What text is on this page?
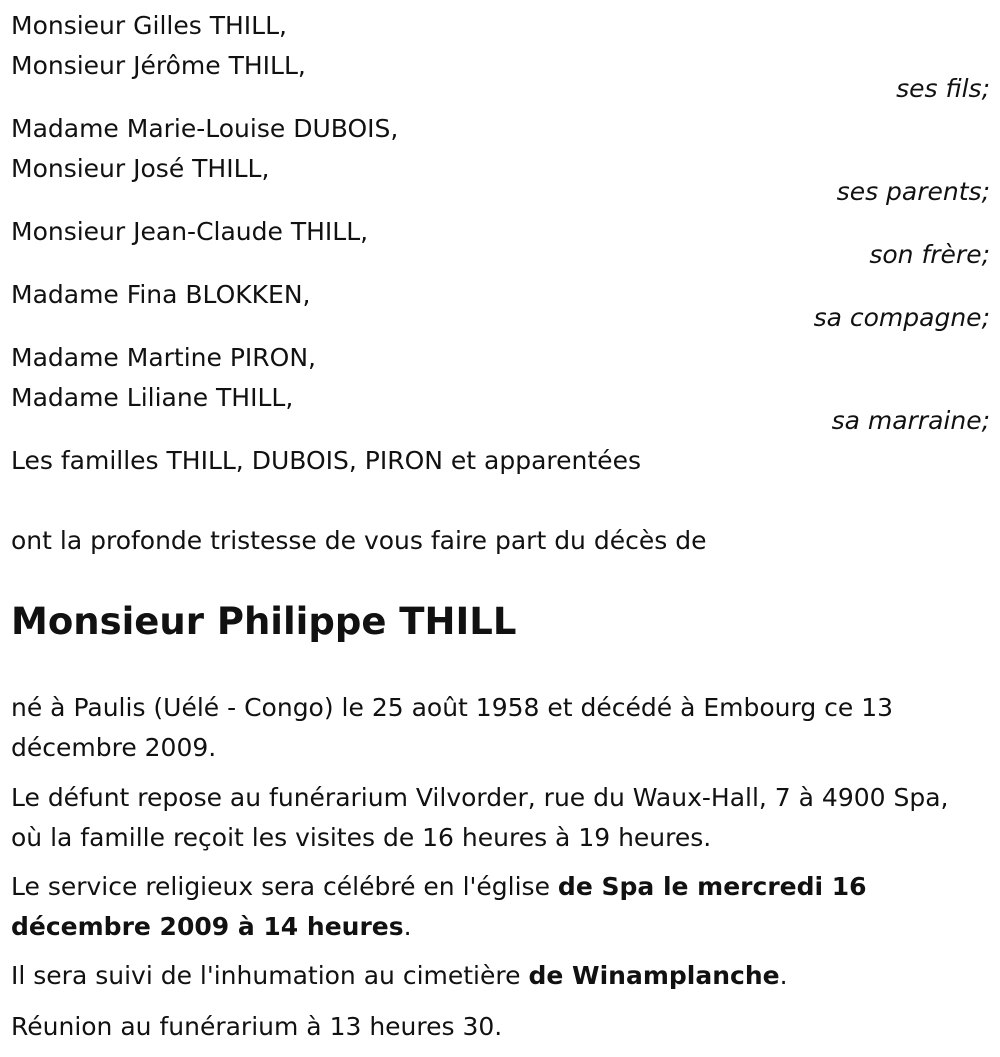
Monsieur Gilles THILL,
Monsieur Jérôme THILL,
ses fils;
Madame Marie-Louise DUBOIS,
Monsieur José THILL,
ses parents;
Monsieur Jean-Claude THILL,
son frère;
Madame Fina BLOKKEN,
sa compagne;
Madame Martine PIRON,
Madame Liliane THILL,
sa marraine;
Les familles THILL, DUBOIS, PIRON et apparentées
ont la profonde tristesse de vous faire part du décès de
Monsieur Philippe THILL
né à Paulis (Uélé - Congo) le 25 août 1958 et décédé à Embourg ce 13 décembre 2009.
Le défunt repose au funérarium Vilvorder, rue du Waux-Hall, 7 à 4900 Spa, où la famille reçoit les visites de 16 heures à 19 heures.
Le service religieux sera célébré en l'église de Spa le mercredi 16 décembre 2009 à 14 heures.
Il sera suivi de l'inhumation au cimetière de Winamplanche.
Réunion au funérarium à 13 heures 30.
